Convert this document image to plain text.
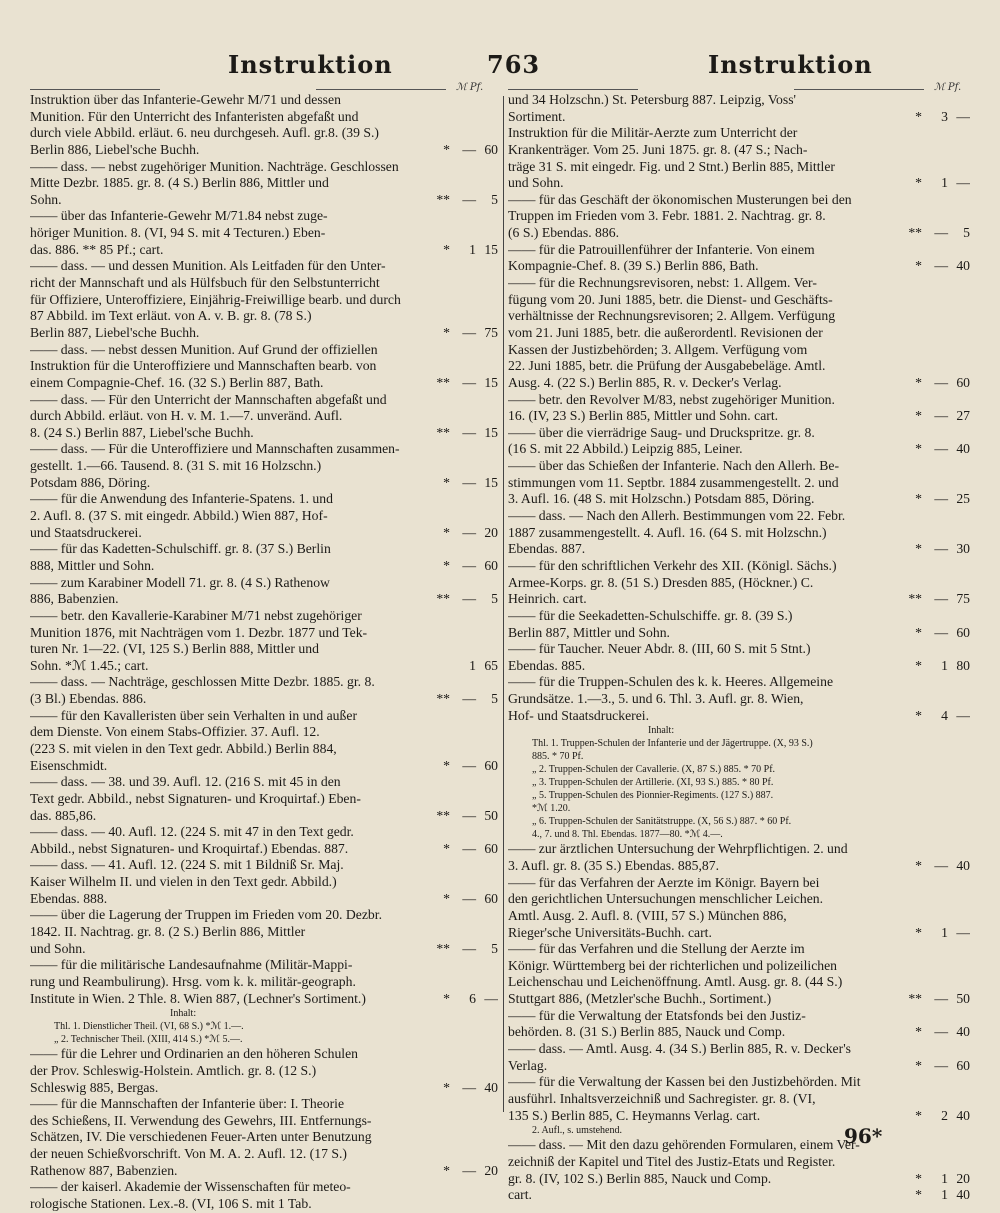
Instruktion	763	Instruktion
ℳ Pf.	ℳ Pf.
Instruktion über das Infanterie-Gewehr M/71 und dessen
Munition. Für den Unterricht des Infanteristen abgefaßt und
durch viele Abbild. erläut. 6. neu durchgeseh. Aufl. gr.8. (39 S.)
Berlin 886, Liebel'sche Buchh.	* — 60
—— dass. — nebst zugehöriger Munition. Nachträge. Geschlossen
Mitte Dezbr. 1885. gr. 8. (4 S.) Berlin 886, Mittler und
Sohn.	** —	5
—— über das Infanterie-Gewehr M/71.84 nebst zuge-
höriger Munition. 8. (VI, 94 S. mit 4 Tecturen.) Eben-
das. 886. ** 85 Pf.; cart.	*	1 15
—— dass. — und dessen Munition. Als Leitfaden für den Unter-
richt der Mannschaft und als Hülfsbuch für den Selbstunterricht
für Offiziere, Unteroffiziere, Einjährig-Freiwillige bearb. und durch
87 Abbild. im Text erläut. von A. v. B. gr. 8. (78 S.)
Berlin 887, Liebel'sche Buchh.	* — 75
—— dass. — nebst dessen Munition. Auf Grund der offiziellen
Instruktion für die Unteroffiziere und Mannschaften bearb. von
einem Compagnie-Chef. 16. (32 S.) Berlin 887, Bath.	** — 15
—— dass. — Für den Unterricht der Mannschaften abgefaßt und
durch Abbild. erläut. von H. v. M. 1.—7. unveränd. Aufl.
8. (24 S.) Berlin 887, Liebel'sche Buchh.	** — 15
—— dass. — Für die Unteroffiziere und Mannschaften zusammen-
gestellt. 1.—66. Tausend. 8. (31 S. mit 16 Holzschn.)
Potsdam 886, Döring.	* — 15
—— für die Anwendung des Infanterie-Spatens. 1. und
2. Aufl. 8. (37 S. mit eingedr. Abbild.) Wien 887, Hof-
und Staatsdruckerei.	* — 20
—— für das Kadetten-Schulschiff. gr. 8. (37 S.) Berlin
888, Mittler und Sohn.	* — 60
—— zum Karabiner Modell 71. gr. 8. (4 S.) Rathenow
886, Babenzien.	** —	5
—— betr. den Kavallerie-Karabiner M/71 nebst zugehöriger
Munition 1876, mit Nachträgen vom 1. Dezbr. 1877 und Tek-
turen Nr. 1—22. (VI, 125 S.) Berlin 888, Mittler und
Sohn. *ℳ 1.45.; cart.	1 65
—— dass. — Nachträge, geschlossen Mitte Dezbr. 1885. gr. 8.
(3 Bl.) Ebendas. 886.	** —	5
—— für den Kavalleristen über sein Verhalten in und außer
dem Dienste. Von einem Stabs-Offizier. 37. Aufl. 12.
(223 S. mit vielen in den Text gedr. Abbild.) Berlin 884,
Eisenschmidt.	* — 60
—— dass. — 38. und 39. Aufl. 12. (216 S. mit 45 in den
Text gedr. Abbild., nebst Signaturen- und Kroquirtaf.) Eben-
das. 885,86.	** — 50
—— dass. — 40. Aufl. 12. (224 S. mit 47 in den Text gedr.
Abbild., nebst Signaturen- und Kroquirtaf.) Ebendas. 887.	* — 60
—— dass. — 41. Aufl. 12. (224 S. mit 1 Bildniß Sr. Maj.
Kaiser Wilhelm II. und vielen in den Text gedr. Abbild.)
Ebendas. 888.	* — 60
—— über die Lagerung der Truppen im Frieden vom 20. Dezbr.
1842. II. Nachtrag. gr. 8. (2 S.) Berlin 886, Mittler
und Sohn.	** —	5
—— für die militärische Landesaufnahme (Militär-Mappi-
rung und Reambulirung). Hrsg. vom k. k. militär-geograph.
Institute in Wien. 2 Thle. 8. Wien 887, (Lechner's Sortiment.)	*	6 —
Inhalt:
Thl. 1. Dienstlicher Theil. (VI, 68 S.) *ℳ 1.—.
„ 2. Technischer Theil. (XIII, 414 S.) *ℳ 5.—.
—— für die Lehrer und Ordinarien an den höheren Schulen
der Prov. Schleswig-Holstein. Amtlich. gr. 8. (12 S.)
Schleswig 885, Bergas.	* — 40
—— für die Mannschaften der Infanterie über: I. Theorie
des Schießens, II. Verwendung des Gewehrs, III. Entfernungs-
Schätzen, IV. Die verschiedenen Feuer-Arten unter Benutzung
der neuen Schießvorschrift. Von M. A. 2. Aufl. 12. (17 S.)
Rathenow 887, Babenzien.	* — 20
—— der kaiserl. Akademie der Wissenschaften für meteo-
rologische Stationen. Lex.-8. (VI, 106 S. mit 1 Tab.
und 34 Holzschn.) St. Petersburg 887. Leipzig, Voss'
Sortiment.	*	3 —
Instruktion für die Militär-Aerzte zum Unterricht der
Krankenträger. Vom 25. Juni 1875. gr. 8. (47 S.; Nach-
träge 31 S. mit eingedr. Fig. und 2 Stnt.) Berlin 885, Mittler
und Sohn.	*	1 —
—— für das Geschäft der ökonomischen Musterungen bei den
Truppen im Frieden vom 3. Febr. 1881. 2. Nachtrag. gr. 8.
(6 S.) Ebendas. 886.	** —	5
—— für die Patrouillenführer der Infanterie. Von einem
Kompagnie-Chef. 8. (39 S.) Berlin 886, Bath.	* — 40
—— für die Rechnungsrevisoren, nebst: 1. Allgem. Ver-
fügung vom 20. Juni 1885, betr. die Dienst- und Geschäfts-
verhältnisse der Rechnungsrevisoren; 2. Allgem. Verfügung
vom 21. Juni 1885, betr. die außerordentl. Revisionen der
Kassen der Justizbehörden; 3. Allgem. Verfügung vom
22. Juni 1885, betr. die Prüfung der Ausgabebeläge. Amtl.
Ausg. 4. (22 S.) Berlin 885, R. v. Decker's Verlag.	* — 60
—— betr. den Revolver M/83, nebst zugehöriger Munition.
16. (IV, 23 S.) Berlin 885, Mittler und Sohn. cart.	* — 27
—— über die vierrädrige Saug- und Druckspritze. gr. 8.
(16 S. mit 22 Abbild.) Leipzig 885, Leiner.	* — 40
—— über das Schießen der Infanterie. Nach den Allerh. Be-
stimmungen vom 11. Septbr. 1884 zusammengestellt. 2. und
3. Aufl. 16. (48 S. mit Holzschn.) Potsdam 885, Döring.	* — 25
—— dass. — Nach den Allerh. Bestimmungen vom 22. Febr.
1887 zusammengestellt. 4. Aufl. 16. (64 S. mit Holzschn.)
Ebendas. 887.	* — 30
—— für den schriftlichen Verkehr des XII. (Königl. Sächs.)
Armee-Korps. gr. 8. (51 S.) Dresden 885, (Höckner.) C.
Heinrich. cart.	** — 75
—— für die Seekadetten-Schulschiffe. gr. 8. (39 S.)
Berlin 887, Mittler und Sohn.	* — 60
—— für Taucher. Neuer Abdr. 8. (III, 60 S. mit 5 Stnt.)
Ebendas. 885.	*	1 80
—— für die Truppen-Schulen des k. k. Heeres. Allgemeine
Grundsätze. 1.—3., 5. und 6. Thl. 3. Aufl. gr. 8. Wien,
Hof- und Staatsdruckerei.	*	4 —
Inhalt:
Thl. 1. Truppen-Schulen der Infanterie und der Jägertruppe. (X, 93 S.)
885. * 70 Pf.
„ 2. Truppen-Schulen der Cavallerie. (X, 87 S.) 885. * 70 Pf.
„ 3. Truppen-Schulen der Artillerie. (XI, 93 S.) 885. * 80 Pf.
„ 5. Truppen-Schulen des Pionnier-Regiments. (127 S.) 887.
*ℳ 1.20.
„ 6. Truppen-Schulen der Sanitätstruppe. (X, 56 S.) 887. * 60 Pf.
4., 7. und 8. Thl. Ebendas. 1877—80. *ℳ 4.—.
—— zur ärztlichen Untersuchung der Wehrpflichtigen. 2. und
3. Aufl. gr. 8. (35 S.) Ebendas. 885,87.	* — 40
—— für das Verfahren der Aerzte im Königr. Bayern bei
den gerichtlichen Untersuchungen menschlicher Leichen.
Amtl. Ausg. 2. Aufl. 8. (VIII, 57 S.) München 886,
Rieger'sche Universitäts-Buchh. cart.	*	1 —
—— für das Verfahren und die Stellung der Aerzte im
Königr. Württemberg bei der richterlichen und polizeilichen
Leichenschau und Leichenöffnung. Amtl. Ausg. gr. 8. (44 S.)
Stuttgart 886, (Metzler'sche Buchh., Sortiment.)	** — 50
—— für die Verwaltung der Etatsfonds bei den Justiz-
behörden. 8. (31 S.) Berlin 885, Nauck und Comp.	* — 40
—— dass. — Amtl. Ausg. 4. (34 S.) Berlin 885, R. v. Decker's
Verlag.	* — 60
—— für die Verwaltung der Kassen bei den Justizbehörden. Mit
ausführl. Inhaltsverzeichniß und Sachregister. gr. 8. (VI,
135 S.) Berlin 885, C. Heymanns Verlag. cart.	*	2 40
2. Aufl., s. umstehend.
—— dass. — Mit den dazu gehörenden Formularen, einem Ver-
zeichniß der Kapitel und Titel des Justiz-Etats und Register.
gr. 8. (IV, 102 S.) Berlin 885, Nauck und Comp.	*	1 20
cart.	*	1 40
96*
